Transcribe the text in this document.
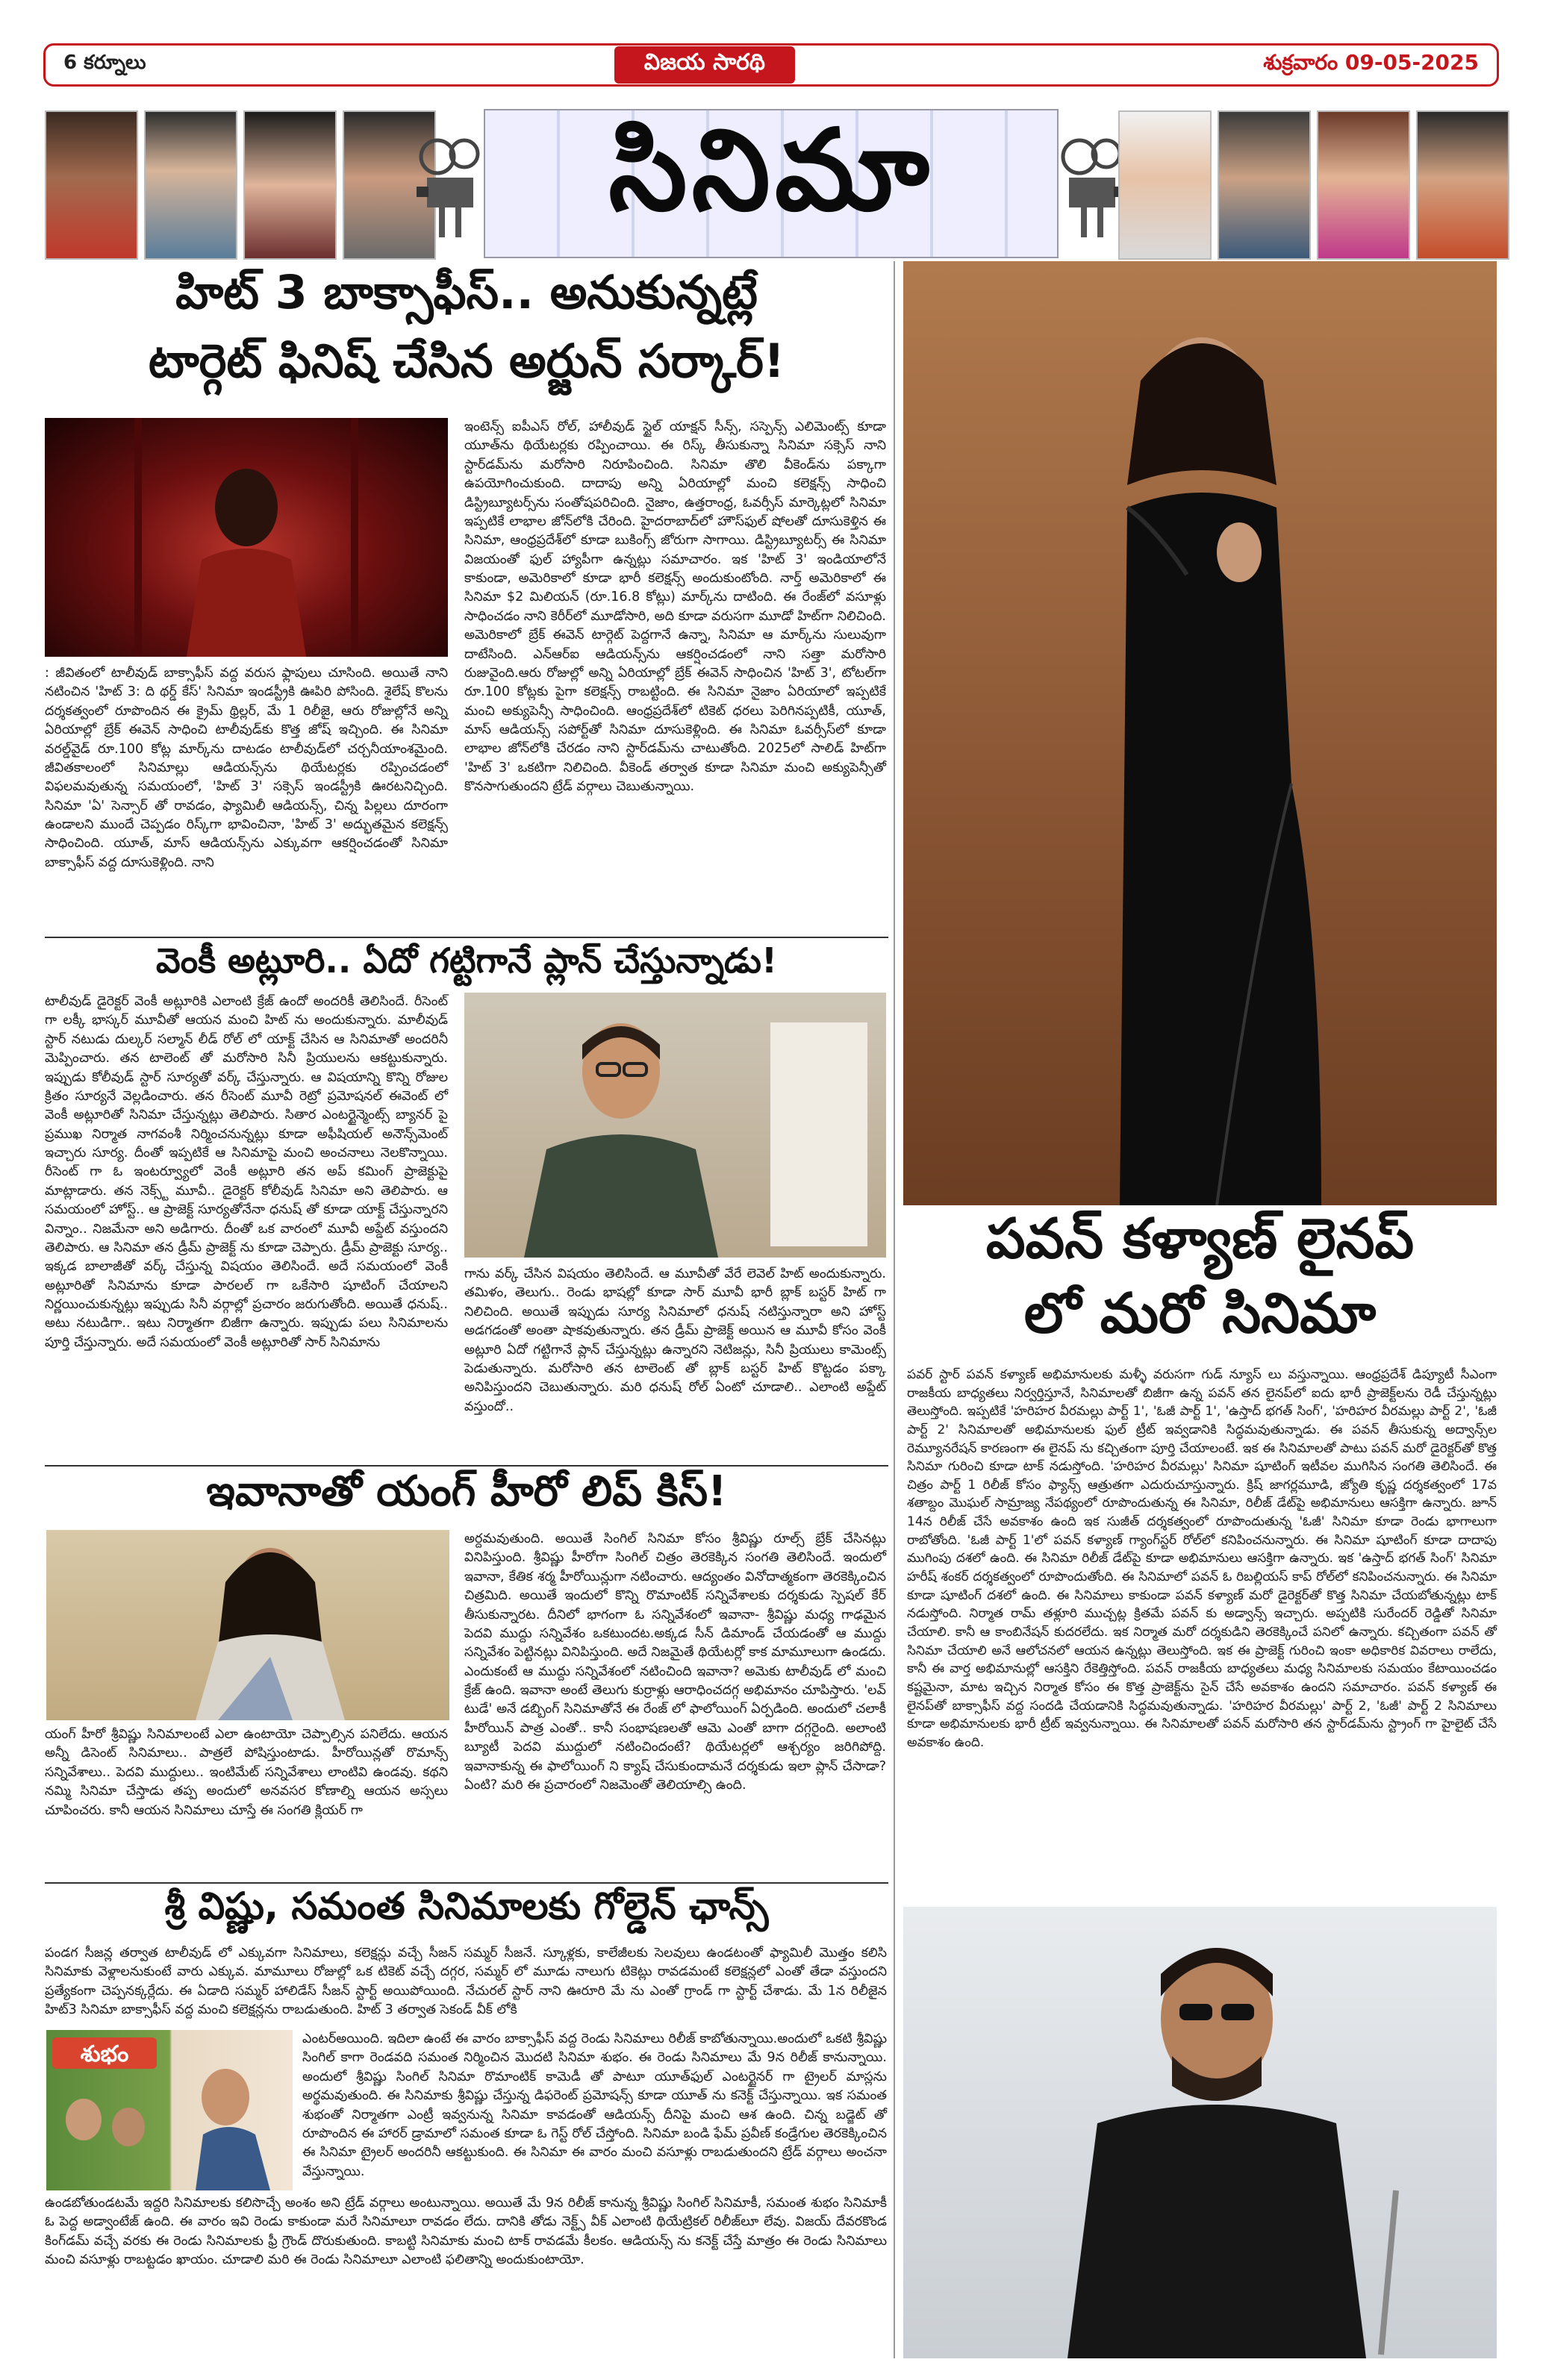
6 కర్నూలు	విజయ సారథి	శుక్రవారం 09-05-2025
సినిమా
హిట్ 3 బాక్సాఫీస్.. అనుకున్నట్లే
టార్గెట్ ఫినిష్ చేసిన అర్జున్ సర్కార్!
: జీవితంలో టాలీవుడ్ బాక్సాఫీస్ వద్ద వరుస ఫ్లాపులు చూసింది. అయితే నాని నటించిన 'హిట్ 3: ది థర్డ్ కేస్' సినిమా ఇండస్ట్రీకి ఊపిరి పోసింది. శైలేష్ కొలను దర్శకత్వంలో రూపొందిన ఈ క్రైమ్ థ్రిల్లర్, మే 1 రిలీజై, ఆరు రోజుల్లోనే అన్ని ఏరియాల్లో బ్రేక్ ఈవెన్ సాధించి టాలీవుడ్‌కు కొత్త జోష్ ఇచ్చింది. ఈ సినిమా వరల్డ్‌వైడ్ రూ.100 కోట్ల మార్క్‌ను దాటడం టాలీవుడ్‌లో చర్చనీయాంశమైంది. జీవితకాలంలో సినిమాల్లు ఆడియన్స్‌ను థియేటర్లకు రప్పించడంలో విఫలమవుతున్న సమయంలో, 'హిట్ 3' సక్సెస్ ఇండస్ట్రీకి ఊరటనిచ్చింది. సినిమా 'ఏ' సెన్సార్ తో రావడం, ఫ్యామిలీ ఆడియన్స్, చిన్న పిల్లలు దూరంగా ఉండాలని ముందే చెప్పడం రిస్క్‌గా భావించినా, 'హిట్ 3' అద్భుతమైన కలెక్షన్స్ సాధించింది. యూత్, మాస్ ఆడియన్స్‌ను ఎక్కువగా ఆకర్షించడంతో సినిమా బాక్సాఫీస్ వద్ద దూసుకెళ్లింది. నాని
ఇంటెన్స్ ఐపీఎస్ రోల్, హాలీవుడ్ స్టైల్ యాక్షన్ సీన్స్, సస్పెన్స్ ఎలిమెంట్స్ కూడా యూత్‌ను థియేటర్లకు రప్పించాయి. ఈ రిస్క్ తీసుకున్నా సినిమా సక్సెస్ నాని స్టార్‌డమ్‌ను మరోసారి నిరూపించింది. సినిమా తొలి వీకెండ్‌ను పక్కాగా ఉపయోగించుకుంది. దాదాపు అన్ని ఏరియాల్లో మంచి కలెక్షన్స్ సాధించి డిస్ట్రిబ్యూటర్స్‌ను సంతోషపరిచింది. నైజాం, ఉత్తరాంధ్ర, ఓవర్సీస్ మార్కెట్లలో సినిమా ఇప్పటికే లాభాల జోన్‌లోకి చేరింది. హైదరాబాద్‌లో హౌస్‌ఫుల్ షోలతో దూసుకెళ్తిన ఈ సినిమా, ఆంధ్రప్రదేశ్‌లో కూడా బుకింగ్స్ జోరుగా సాగాయి. డిస్ట్రిబ్యూటర్స్ ఈ సినిమా విజయంతో ఫుల్ హ్యాపీగా ఉన్నట్లు సమాచారం. ఇక 'హిట్ 3' ఇండియాలోనే కాకుండా, అమెరికాలో కూడా భారీ కలెక్షన్స్ అందుకుంటోంది. నార్త్ అమెరికాలో ఈ సినిమా $2 మిలియన్ (రూ.16.8 కోట్లు) మార్క్‌ను దాటింది. ఈ రేంజ్‌లో వసూళ్లు సాధించడం నాని కెరీర్‌లో మూడోసారి, అది కూడా వరుసగా మూడో హిట్‌గా నిలిచింది. అమెరికాలో బ్రేక్ ఈవెన్ టార్గెట్ పెద్దగానే ఉన్నా, సినిమా ఆ మార్క్‌ను సులువుగా దాటేసింది. ఎన్‌ఆర్‌ఐ ఆడియన్స్‌ను ఆకర్షించడంలో నాని సత్తా మరోసారి రుజువైంది.ఆరు రోజుల్లో అన్ని ఏరియాల్లో బ్రేక్ ఈవెన్ సాధించిన 'హిట్ 3', టోటల్‌గా రూ.100 కోట్లకు పైగా కలెక్షన్స్ రాబట్టింది. ఈ సినిమా నైజాం ఏరియాలో ఇప్పటికే మంచి అక్యుపెన్సీ సాధించింది. ఆంధ్రప్రదేశ్‌లో టికెట్ ధరలు పెరిగినప్పటికీ, యూత్, మాస్ ఆడియన్స్ సపోర్ట్‌తో సినిమా దూసుకెళ్లింది. ఈ సినిమా ఓవర్సీస్‌లో కూడా లాభాల జోన్‌లోకి చేరడం నాని స్టార్‌డమ్‌ను చాటుతోంది. 2025లో సాలిడ్ హిట్‌గా 'హిట్ 3' ఒకటిగా నిలిచింది. వీకెండ్ తర్వాత కూడా సినిమా మంచి అక్యుపెన్సీతో కొనసాగుతుందని ట్రేడ్ వర్గాలు చెబుతున్నాయి.
వెంకీ అట్లూరి.. ఏదో గట్టిగానే ప్లాన్ చేస్తున్నాడు!
టాలీవుడ్ డైరెక్టర్ వెంకీ అట్లూరికి ఎలాంటి క్రేజ్ ఉందో అందరికీ తెలిసిందే. రీసెంట్ గా లక్కీ భాస్కర్ మూవీతో ఆయన మంచి హిట్ ను అందుకున్నారు. మాలీవుడ్ స్టార్ నటుడు దుల్కర్ సల్మాన్ లీడ్ రోల్ లో యాక్ట్ చేసిన ఆ సినిమాతో అందరినీ మెప్పించారు. తన టాలెంట్ తో మరోసారి సినీ ప్రియులను ఆకట్టుకున్నారు. ఇప్పుడు కోలీవుడ్ స్టార్ సూర్యతో వర్క్ చేస్తున్నారు. ఆ విషయాన్ని కొన్ని రోజుల క్రితం సూర్యనే వెల్లడించారు. తన రీసెంట్ మూవీ రెట్రో ప్రమోషనల్ ఈవెంట్ లో వెంకీ అట్లూరితో సినిమా చేస్తున్నట్లు తెలిపారు. సితార ఎంటర్టైన్మెంట్స్ బ్యానర్ పై ప్రముఖ నిర్మాత నాగవంశీ నిర్మించనున్నట్లు కూడా అఫీషియల్ అనౌన్స్‌మెంట్ ఇచ్చారు సూర్య. దీంతో ఇప్పటికే ఆ సినిమాపై మంచి అంచనాలు నెలకొన్నాయి. రీసెంట్ గా ఓ ఇంటర్వ్యూలో వెంకీ అట్లూరి తన అప్ కమింగ్ ప్రాజెక్టుపై మాట్లాడారు. తన నెక్స్ట్ మూవీ.. డైరెక్టర్ కోలీవుడ్ సినిమా అని తెలిపారు. ఆ సమయంలో హోస్ట్.. ఆ ప్రాజెక్ట్ సూర్యతోనేనా ధనుష్ తో కూడా యాక్ట్ చేస్తున్నారని విన్నాం.. నిజమేనా అని అడిగారు. దీంతో ఒక వారంలో మూవీ అప్డేట్ వస్తుందని తెలిపారు. ఆ సినిమా తన డ్రీమ్ ప్రాజెక్ట్ ను కూడా చెప్పారు. డ్రీమ్ ప్రాజెక్టు సూర్య.. ఇక్కడ బాలాజీతో వర్క్ చేస్తున్న విషయం తెలిసిందే. అదే సమయంలో వెంకీ అట్లూరితో సినిమాను కూడా పారలల్ గా ఒకేసారి షూటింగ్ చేయాలని నిర్ణయించుకున్నట్లు ఇప్పుడు సినీ వర్గాల్లో ప్రచారం జరుగుతోంది. అయితే ధనుష్.. అటు నటుడిగా.. ఇటు నిర్మాతగా బిజీగా ఉన్నారు. ఇప్పుడు పలు సినిమాలను పూర్తి చేస్తున్నారు. అదే సమయంలో వెంకీ అట్లూరితో సార్ సినిమాను
గాను వర్క్ చేసిన విషయం తెలిసిందే. ఆ మూవీతో వేరే లెవెల్ హిట్ అందుకున్నారు. తమిళం, తెలుగు.. రెండు భాషల్లో కూడా సార్ మూవీ భారీ బ్లాక్ బస్టర్ హిట్ గా నిలిచింది. అయితే ఇప్పుడు సూర్య సినిమాలో ధనుష్ నటిస్తున్నారా అని హోస్ట్ అడగడంతో అంతా షాకవుతున్నారు. తన డ్రీమ్ ప్రాజెక్ట్ అయిన ఆ మూవీ కోసం వెంకీ అట్లూరి ఏదో గట్టిగానే ప్లాన్ చేస్తున్నట్లు ఉన్నారని నెటిజన్లు, సినీ ప్రియులు కామెంట్స్ పెడుతున్నారు. మరోసారి తన టాలెంట్ తో బ్లాక్ బస్టర్ హిట్ కొట్టడం పక్కా అనిపిస్తుందని చెబుతున్నారు. మరి ధనుష్ రోల్ ఏంటో చూడాలి.. ఎలాంటి అప్డేట్ వస్తుందో..
ఇవానాతో యంగ్ హీరో లిప్ కిస్!
యంగ్ హీరో శ్రీవిష్ణు సినిమాలంటే ఎలా ఉంటాయో చెప్పాల్సిన పనిలేదు. ఆయన అన్నీ డిసెంట్ సినిమాలు.. పాత్రలే పోషిస్తుంటాడు. హీరోయిన్లతో రొమాన్స్ సన్నివేశాలు.. పెదవి ముద్దులు.. ఇంటిమేట్ సన్నివేశాలు లాంటివి ఉండవు. కథని నమ్మి సినిమా చేస్తాడు తప్ప అందులో అనవసర కోణాల్ని ఆయన అస్సలు చూపించరు. కానీ ఆయన సినిమాలు చూస్తే ఈ సంగతి క్లియర్ గా
అర్దమవుతుంది. అయితే సింగిల్ సినిమా కోసం శ్రీవిష్ణు రూల్స్ బ్రేక్ చేసినట్లు వినిపిస్తుంది. శ్రీవిష్ణు హీరోగా సింగిల్ చిత్రం తెరకెక్కిన సంగతి తెలిసిందే. ఇందులో ఇవానా, కేతిక శర్మ హీరోయిన్లుగా నటించారు. ఆద్యంతం వినోదాత్మకంగా తెరకెక్కించిన చిత్రమిది. అయితే ఇందులో కొన్ని రొమాంటిక్ సన్నివేశాలకు దర్శకుడు స్పెషల్ కేర్ తీసుకున్నారట. దీనిలో భాగంగా ఓ సన్నివేశంలో ఇవానా- శ్రీవిష్ణు మధ్య గాఢమైన పెదవి ముద్దు సన్నివేశం ఒకటుందట.అక్కడ సీన్ డిమాండ్ చేయడంతో ఆ ముద్దు సన్నివేశం పెట్టినట్లు వినిపిస్తుంది. అదే నిజమైతే థియేటర్లో కాక మామూలుగా ఉండదు. ఎందుకంటే ఆ ముద్దు సన్నివేశంలో నటించింది ఇవానా? అమెకు టాలీవుడ్ లో మంచి క్రేజ్ ఉంది. ఇవానా అంటే తెలుగు కుర్రాళ్లు ఆరాధించదగ్గ అభిమానం చూపిస్తారు. 'లవ్ టుడే' అనే డబ్బింగ్ సినిమాతోనే ఈ రేంజ్ లో ఫాలోయింగ్ ఏర్పడింది. అందులో చలాకీ హీరోయిన్ పాత్ర ఎంతో.. కానీ సంభాషణలతో ఆమె ఎంతో బాగా దగ్గరైంది. అలాంటి బ్యూటీ పెదవి ముద్దులో నటించిందంటే? థియేటర్లలో ఆశ్చర్యం జరిగిపోద్ది. ఇవానాకున్న ఈ ఫాలోయింగ్ ని క్యాష్ చేసుకుందామనే దర్శకుడు ఇలా ప్లాన్ చేసాడా? ఏంటి? మరి ఈ ప్రచారంలో నిజమెంతో తెలియాల్సి ఉంది.
శ్రీ విష్ణు, సమంత సినిమాలకు గోల్డెన్ ఛాన్స్
పండగ సీజన్ల తర్వాత టాలీవుడ్ లో ఎక్కువగా సినిమాలు, కలెక్షన్లు వచ్చే సీజన్ సమ్మర్ సీజనే. స్కూళ్లకు, కాలేజీలకు సెలవులు ఉండటంతో ఫ్యామిలీ మొత్తం కలిసి సినిమాకు వెళ్లాలనుకుంటే వారు ఎక్కువ. మామూలు రోజుల్లో ఒక టికెట్ వచ్చే దగ్గర, సమ్మర్ లో మూడు నాలుగు టికెట్లు రావడమంటే కలెక్షన్లలో ఎంతో తేడా వస్తుందని ప్రత్యేకంగా చెప్పనక్కర్లేదు. ఈ ఏడాది సమ్మర్ హాలిడేస్ సీజన్ స్టార్ట్ అయిపోయింది. నేచురల్ స్టార్ నాని ఊరూరి మే ను ఎంతో గ్రాండ్ గా స్టార్ట్ చేశాడు. మే 1న రిలీజైన హిట్3 సినిమా బాక్సాఫీస్ వద్ద మంచి కలెక్షన్లను రాబడుతుంది. హిట్ 3 తర్వాత సెకండ్ వీక్ లోకి
శుభం
ఎంటర్‌అయింది. ఇదిలా ఉంటే ఈ వారం బాక్సాఫీస్ వద్ద రెండు సినిమాలు రిలీజ్ కాబోతున్నాయి.అందులో ఒకటి శ్రీవిష్ణు సింగిల్ కాగా రెండవది సమంత నిర్మించిన మొదటి సినిమా శుభం. ఈ రెండు సినిమాలు మే 9న రిలీజ్ కానున్నాయి. అందులో శ్రీవిష్ణు సింగిల్ సినిమా రొమాంటిక్ కామెడీ తో పాటూ యూత్‌ఫుల్ ఎంటర్టైనర్ గా ట్రైలర్ మాస్లను అర్థమవుతుంది. ఈ సినిమాకు శ్రీవిష్ణు చేస్తున్న డిఫరెంట్ ప్రమోషన్స్ కూడా యూత్ ను కనెక్ట్ చేస్తున్నాయి. ఇక సమంత శుభంతో నిర్మాతగా ఎంట్రీ ఇవ్వనున్న సినిమా కావడంతో ఆడియన్స్ దీనిపై మంచి ఆశ ఉంది. చిన్న బడ్జెట్ తో రూపొందిన ఈ హారర్ డ్రామాలో సమంత కూడా ఓ గెస్ట్ రోల్ చేస్తోంది. సినిమా బండి ఫేమ్ ప్రవీణ్ కండ్రేగుల తెరకెక్కించిన ఈ సినిమా ట్రైలర్ అందరినీ ఆకట్టుకుంది. ఈ సినిమా ఈ వారం మంచి వసూళ్లు రాబడుతుందని ట్రేడ్ వర్గాలు అంచనా వేస్తున్నాయి.
ఉండబోతుండటమే ఇద్దరి సినిమాలకు కలిసొచ్చే అంశం అని ట్రేడ్ వర్గాలు అంటున్నాయి. అయితే మే 9న రిలీజ్ కానున్న శ్రీవిష్ణు సింగిల్ సినిమాకీ, సమంత శుభం సినిమాకీ ఓ పెద్ద అడ్వాంటేజ్ ఉంది. ఈ వారం ఇవి రెండు కాకుండా మరే సినిమాలూ రావడం లేదు. దానికి తోడు నెక్ట్స్ వీక్ ఎలాంటి థియేట్రికల్ రిలీజ్‌లూ లేవు. విజయ్ దేవరకొండ కింగ్‌డమ్ వచ్చే వరకు ఈ రెండు సినిమాలకు ఫ్రీ గ్రౌండ్ దొరుకుతుంది. కాబట్టి సినిమాకు మంచి టాక్ రావడమే కీలకం. ఆడియన్స్ ను కనెక్ట్ చేస్తే మాత్రం ఈ రెండు సినిమాలు మంచి వసూళ్లు రాబట్టడం ఖాయం. చూడాలి మరి ఈ రెండు సినిమాలూ ఎలాంటి ఫలితాన్ని అందుకుంటాయో.
పవన్ కళ్యాణ్ లైనప్
లో మరో సినిమా
పవర్ స్టార్ పవన్ కళ్యాణ్ అభిమానులకు మళ్ళీ వరుసగా గుడ్ న్యూస్ లు వస్తున్నాయి. ఆంధ్రప్రదేశ్ డిప్యూటీ సీఎంగా రాజకీయ బాధ్యతలు నిర్వర్తిస్తూనే, సినిమాలతో బిజీగా ఉన్న పవన్ తన లైనప్‌లో ఐదు భారీ ప్రాజెక్ట్‌లను రెడీ చేస్తున్నట్లు తెలుస్తోంది. ఇప్పటికే 'హరిహర వీరమల్లు పార్ట్ 1', 'ఓజీ పార్ట్ 1', 'ఉస్తాద్ భగత్ సింగ్', 'హరిహర వీరమల్లు పార్ట్ 2', 'ఓజీ పార్ట్ 2' సినిమాలతో అభిమానులకు ఫుల్ ట్రీట్ ఇవ్వడానికి సిద్ధమవుతున్నాడు. ఈ పవన్ తీసుకున్న అద్వాన్స్‌ల రెమ్యూనరేషన్ కారణంగా ఈ లైనప్ ను కచ్చితంగా పూర్తి చేయాలంటే. ఇక ఈ సినిమాలతో పాటు పవన్ మరో డైరెక్టర్‌తో కొత్త సినిమా గురించి కూడా టాక్ నడుస్తోంది. 'హరిహర వీరమల్లు' సినిమా షూటింగ్ ఇటీవల ముగిసిన సంగతి తెలిసిందే. ఈ చిత్రం పార్ట్ 1 రిలీజ్ కోసం ఫ్యాన్స్ ఆత్రుతగా ఎదురుచూస్తున్నారు. క్రిష్ జాగర్లమూడి, జ్యోతి కృష్ణ దర్శకత్వంలో 17వ శతాబ్దం మొఘల్ సామ్రాజ్య నేపథ్యంలో రూపొందుతున్న ఈ సినిమా, రిలీజ్ డేట్‌పై అభిమానులు ఆసక్తిగా ఉన్నారు. జూన్ 14న రిలీజ్ చేసే అవకాశం ఉంది ఇక సుజీత్ దర్శకత్వంలో రూపొందుతున్న 'ఓజీ' సినిమా కూడా రెండు భాగాలుగా రాబోతోంది. 'ఓజీ పార్ట్ 1'లో పవన్ కళ్యాణ్ గ్యాంగ్‌స్టర్ రోల్‌లో కనిపించనున్నారు. ఈ సినిమా షూటింగ్ కూడా దాదాపు ముగింపు దశలో ఉంది. ఈ సినిమా రిలీజ్ డేట్‌పై కూడా అభిమానులు ఆసక్తిగా ఉన్నారు. ఇక 'ఉస్తాద్ భగత్ సింగ్' సినిమా హరీష్ శంకర్ దర్శకత్వంలో రూపొందుతోంది. ఈ సినిమాలో పవన్ ఓ రిబల్లియస్ కాప్ రోల్‌లో కనిపించనున్నారు. ఈ సినిమా కూడా షూటింగ్ దశలో ఉంది. ఈ సినిమాలు కాకుండా పవన్ కళ్యాణ్ మరో డైరెక్టర్‌తో కొత్త సినిమా చేయబోతున్నట్లు టాక్ నడుస్తోంది. నిర్మాత రామ్ తళ్లూరి ముచ్చట్ల క్రితమే పవన్ కు అడ్వాన్స్ ఇచ్చారు. అప్పటికి సురేందర్ రెడ్డితో సినిమా చేయాలి. కానీ ఆ కాంబినేషన్ కుదరలేదు. ఇక నిర్మాత మరో దర్శకుడిని తెరకెక్కించే పనిలో ఉన్నారు. కచ్చితంగా పవన్ తో సినిమా చేయాలి అనే ఆలోచనలో ఆయన ఉన్నట్లు తెలుస్తోంది. ఇక ఈ ప్రాజెక్ట్ గురించి ఇంకా అధికారిక వివరాలు రాలేదు, కానీ ఈ వార్త అభిమానుల్లో ఆసక్తిని రేకెత్తిస్తోంది. పవన్ రాజకీయ బాధ్యతలు మధ్య సినిమాలకు సమయం కేటాయించడం కష్టమైనా, మాట ఇచ్చిన నిర్మాత కోసం ఈ కొత్త ప్రాజెక్ట్‌ను సైన్ చేసే అవకాశం ఉందని సమాచారం. పవన్ కళ్యాణ్ ఈ లైనప్‌తో బాక్సాఫీస్ వద్ద సందడి చేయడానికి సిద్ధమవుతున్నాడు. 'హరిహర వీరమల్లు' పార్ట్ 2, 'ఓజీ' పార్ట్ 2 సినిమాలు కూడా అభిమానులకు భారీ ట్రీట్ ఇవ్వనున్నాయి. ఈ సినిమాలతో పవన్ మరోసారి తన స్టార్‌డమ్‌ను స్ట్రాంగ్ గా హైలైట్ చేసే అవకాశం ఉంది.
